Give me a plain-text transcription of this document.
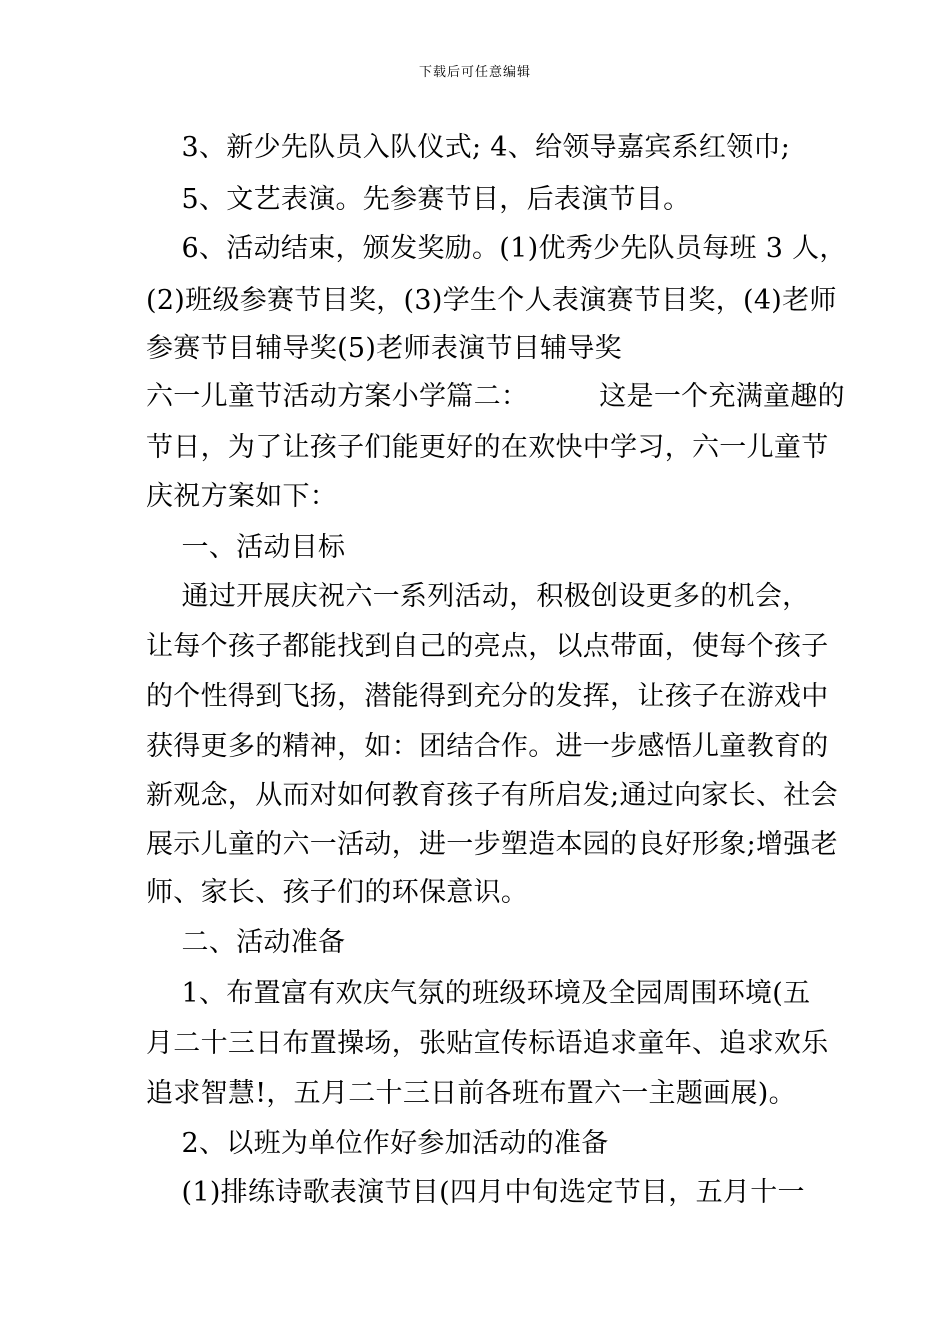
下载后可任意编辑
3、新少先队员入队仪式; 4、给领导嘉宾系红领巾;
5、文艺表演。先参赛节目，后表演节目。
6、活动结束，颁发奖励。(1)优秀少先队员每班 3 人，
(2)班级参赛节目奖，(3)学生个人表演赛节目奖，(4)老师
参赛节目辅导奖(5)老师表演节目辅导奖
六一儿童节活动方案小学篇二：        这是一个充满童趣的
节日，为了让孩子们能更好的在欢快中学习，六一儿童节
庆祝方案如下：
一、活动目标
通过开展庆祝六一系列活动，积极创设更多的机会，
让每个孩子都能找到自己的亮点，以点带面，使每个孩子
的个性得到飞扬，潜能得到充分的发挥，让孩子在游戏中
获得更多的精神，如：团结合作。进一步感悟儿童教育的
新观念，从而对如何教育孩子有所启发;通过向家长、社会
展示儿童的六一活动，进一步塑造本园的良好形象;增强老
师、家长、孩子们的环保意识。
二、活动准备
1、布置富有欢庆气氛的班级环境及全园周围环境(五
月二十三日布置操场，张贴宣传标语追求童年、追求欢乐
追求智慧!，五月二十三日前各班布置六一主题画展)。
2、以班为单位作好参加活动的准备
(1)排练诗歌表演节目(四月中旬选定节目，五月十一
